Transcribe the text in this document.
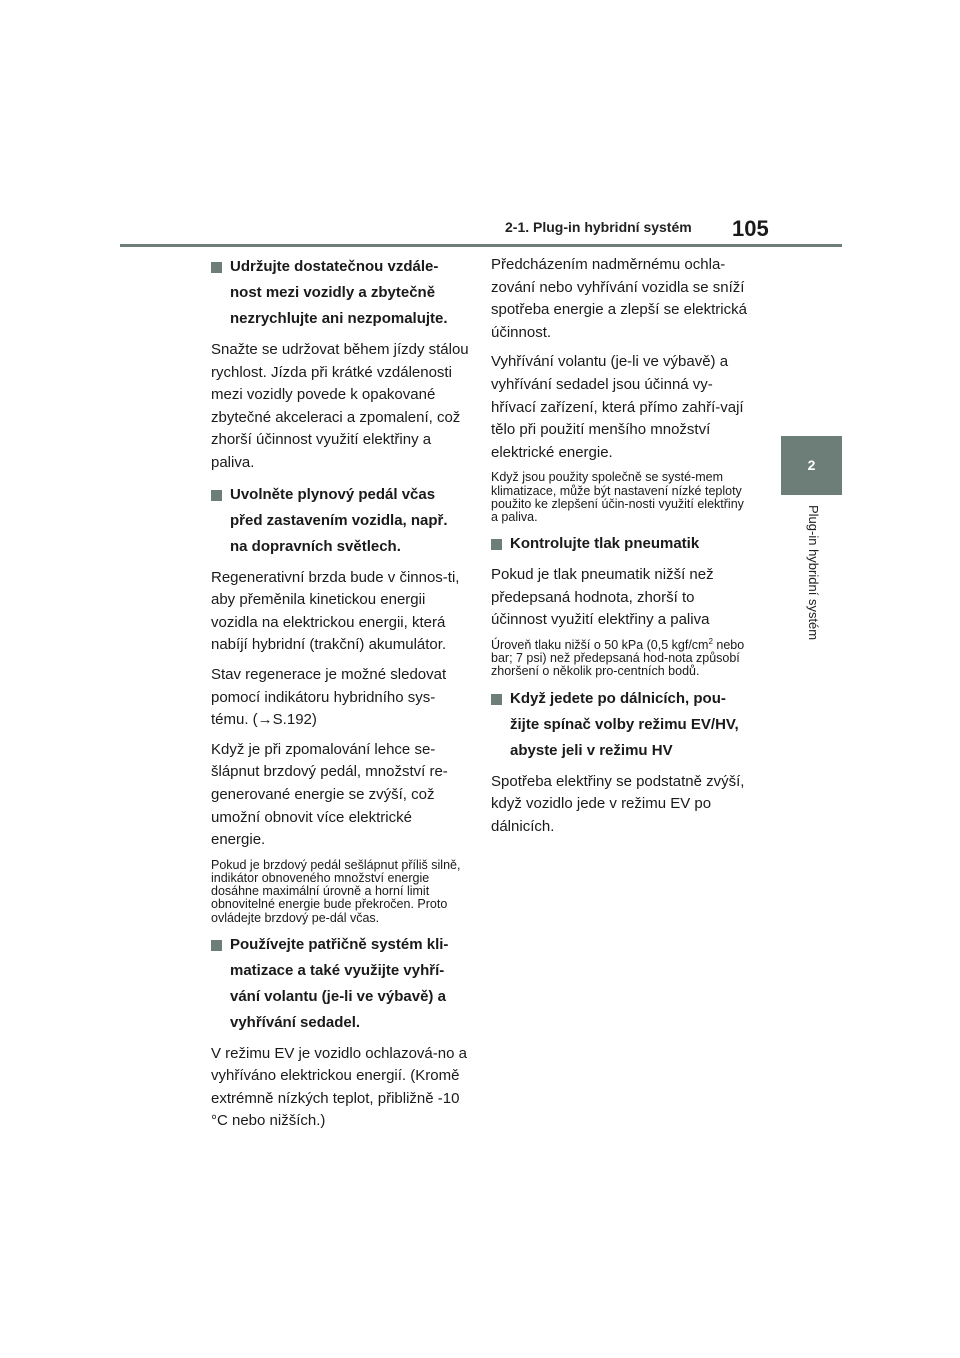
2-1. Plug-in hybridní systém 105
2
Plug-in hybridní systém
Udržujte dostatečnou vzdále-nost mezi vozidly a zbytečně nezrychlujte ani nezpomalujte.

Snažte se udržovat během jízdy stálou rychlost. Jízda při krátké vzdálenosti mezi vozidly povede k opakované zbytečné akceleraci a zpomalení, což zhorší účinnost využití elektřiny a paliva.

Uvolněte plynový pedál včas před zastavením vozidla, např. na dopravních světlech.

Regenerativní brzda bude v činnos-ti, aby přeměnila kinetickou energii vozidla na elektrickou energii, která nabíjí hybridní (trakční) akumulátor.

Stav regenerace je možné sledovat pomocí indikátoru hybridního sys-tému. (→S.192)

Když je při zpomalování lehce se-šlápnut brzdový pedál, množství re-generované energie se zvýší, což umožní obnovit více elektrické energie.

Pokud je brzdový pedál sešlápnut příliš silně, indikátor obnoveného množství energie dosáhne maximální úrovně a horní limit obnovitelné energie bude překročen. Proto ovládejte brzdový pe-dál včas.

Používejte patřičně systém kli-matizace a také využijte vyhří-vání volantu (je-li ve výbavě) a vyhřívání sedadel.

V režimu EV je vozidlo ochlazová-no a vyhříváno elektrickou energií. (Kromě extrémně nízkých teplot, přibližně -10 °C nebo nižších.)

Předcházením nadměrnému ochla-zování nebo vyhřívání vozidla se sníží spotřeba energie a zlepší se elektrická účinnost.

Vyhřívání volantu (je-li ve výbavě) a vyhřívání sedadel jsou účinná vy-hřívací zařízení, která přímo zahří-vají tělo při použití menšího množství elektrické energie.

Když jsou použity společně se systé-mem klimatizace, může být nastavení nízké teploty použito ke zlepšení účin-nosti využití elektřiny a paliva.

Kontrolujte tlak pneumatik

Pokud je tlak pneumatik nižší než předepsaná hodnota, zhorší to účinnost využití elektřiny a paliva

Úroveň tlaku nižší o 50 kPa (0,5 kgf/$cm^2$ nebo bar; 7 psi) než předepsaná hod-nota způsobí zhoršení o několik pro-centních bodů.

Když jedete po dálnicích, pou-žijte spínač volby režimu EV/HV, abyste jeli v režimu HV

Spotřeba elektřiny se podstatně zvýší, když vozidlo jede v režimu EV po dálnicích.
